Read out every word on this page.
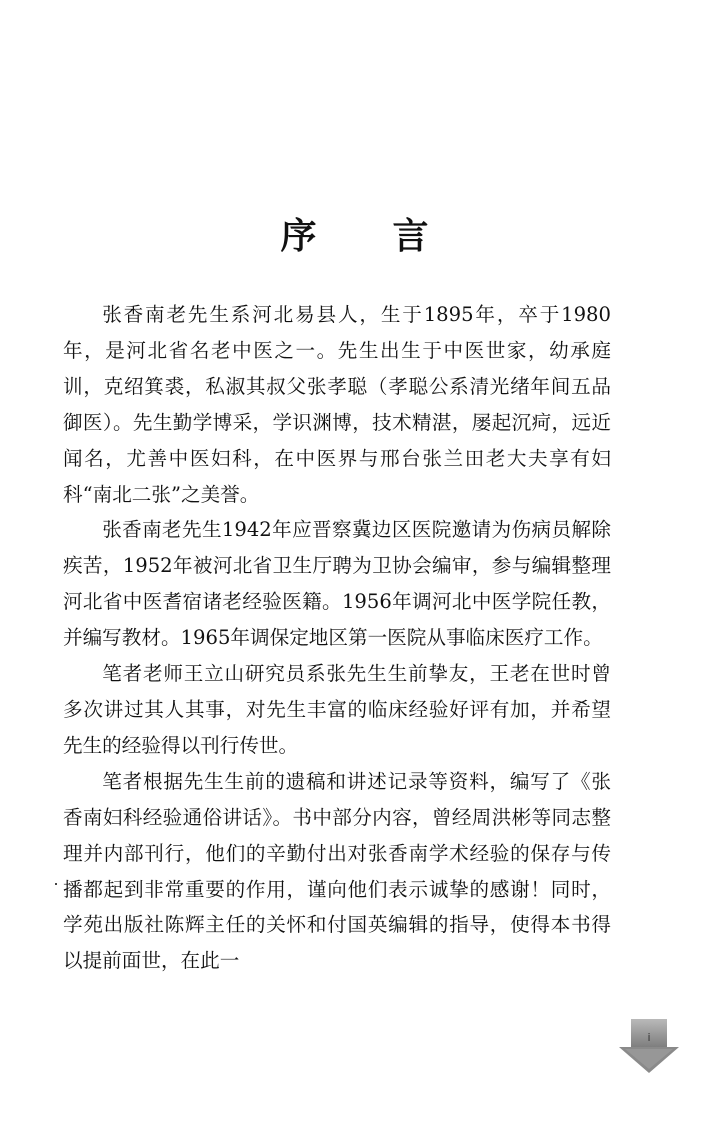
序 言

张香南老先生系河北易县人，生于1895年，卒于1980年，是河北省名老中医之一。先生出生于中医世家，幼承庭训，克绍箕裘，私淑其叔父张孝聪（孝聪公系清光绪年间五品御医）。先生勤学博采，学识渊博，技术精湛，屡起沉疴，远近闻名，尤善中医妇科，在中医界与邢台张兰田老大夫享有妇科“南北二张”之美誉。

张香南老先生1942年应晋察冀边区医院邀请为伤病员解除疾苦，1952年被河北省卫生厅聘为卫协会编审，参与编辑整理河北省中医耆宿诸老经验医籍。1956年调河北中医学院任教，并编写教材。1965年调保定地区第一医院从事临床医疗工作。

笔者老师王立山研究员系张先生生前挚友，王老在世时曾多次讲过其人其事，对先生丰富的临床经验好评有加，并希望先生的经验得以刊行传世。

笔者根据先生生前的遗稿和讲述记录等资料，编写了《张香南妇科经验通俗讲话》。书中部分内容，曾经周洪彬等同志整理并内部刊行，他们的辛勤付出对张香南学术经验的保存与传播都起到非常重要的作用，谨向他们表示诚挚的感谢！同时，学苑出版社陈辉主任的关怀和付国英编辑的指导，使得本书得以提前面世，在此一

i
